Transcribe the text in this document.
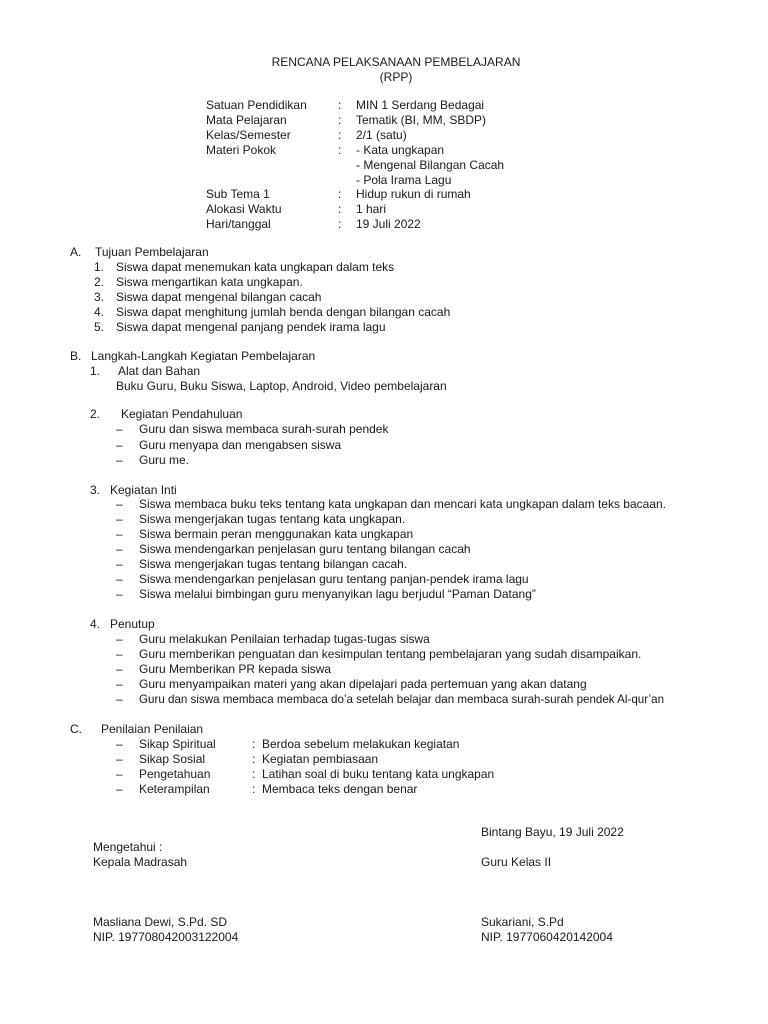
RENCANA PELAKSANAAN PEMBELAJARAN
(RPP)
Satuan Pendidikan	: MIN 1 Serdang Bedagai
Mata Pelajaran	: Tematik (BI, MM, SBDP)
Kelas/Semester	: 2/1 (satu)
Materi Pokok	: - Kata ungkapan
- Mengenal Bilangan Cacah
- Pola Irama Lagu
Sub Tema 1	: Hidup rukun di rumah
Alokasi Waktu	: 1 hari
Hari/tanggal	: 19 Juli 2022
A. Tujuan Pembelajaran
1. Siswa dapat menemukan kata ungkapan dalam teks
2. Siswa mengartikan kata ungkapan.
3. Siswa dapat mengenal bilangan cacah
4. Siswa dapat menghitung jumlah benda dengan bilangan cacah
5. Siswa dapat mengenal panjang pendek irama lagu
B. Langkah-Langkah Kegiatan Pembelajaran
1. Alat dan Bahan
Buku Guru, Buku Siswa, Laptop, Android, Video pembelajaran
2. Kegiatan Pendahuluan
– Guru dan siswa membaca surah-surah pendek
– Guru menyapa dan mengabsen siswa
– Guru me.
3. Kegiatan Inti
– Siswa membaca buku teks tentang kata ungkapan dan mencari kata ungkapan dalam teks bacaan.
– Siswa mengerjakan tugas tentang kata ungkapan.
– Siswa bermain peran menggunakan kata ungkapan
– Siswa mendengarkan penjelasan guru tentang bilangan cacah
– Siswa mengerjakan tugas tentang bilangan cacah.
– Siswa mendengarkan penjelasan guru tentang panjan-pendek irama lagu
– Siswa melalui bimbingan guru menyanyikan lagu berjudul “Paman Datang”
4. Penutup
– Guru melakukan Penilaian terhadap tugas-tugas siswa
– Guru memberikan penguatan dan kesimpulan tentang pembelajaran yang sudah disampaikan.
– Guru Memberikan PR kepada siswa
– Guru menyampaikan materi yang akan dipelajari pada pertemuan yang akan datang
– Guru dan siswa membaca membaca do’a setelah belajar dan membaca surah-surah pendek Al-qur’an
C. Penilaian Penilaian
– Sikap Spiritual	: Berdoa sebelum melakukan kegiatan
– Sikap Sosial	: Kegiatan pembiasaan
– Pengetahuan	: Latihan soal di buku tentang kata ungkapan
– Keterampilan	: Membaca teks dengan benar
Bintang Bayu, 19 Juli 2022
Mengetahui :
Kepala Madrasah	Guru Kelas II
Masliana Dewi, S.Pd. SD
NIP. 197708042003122004
Sukariani, S.Pd
NIP. 1977060420142004
